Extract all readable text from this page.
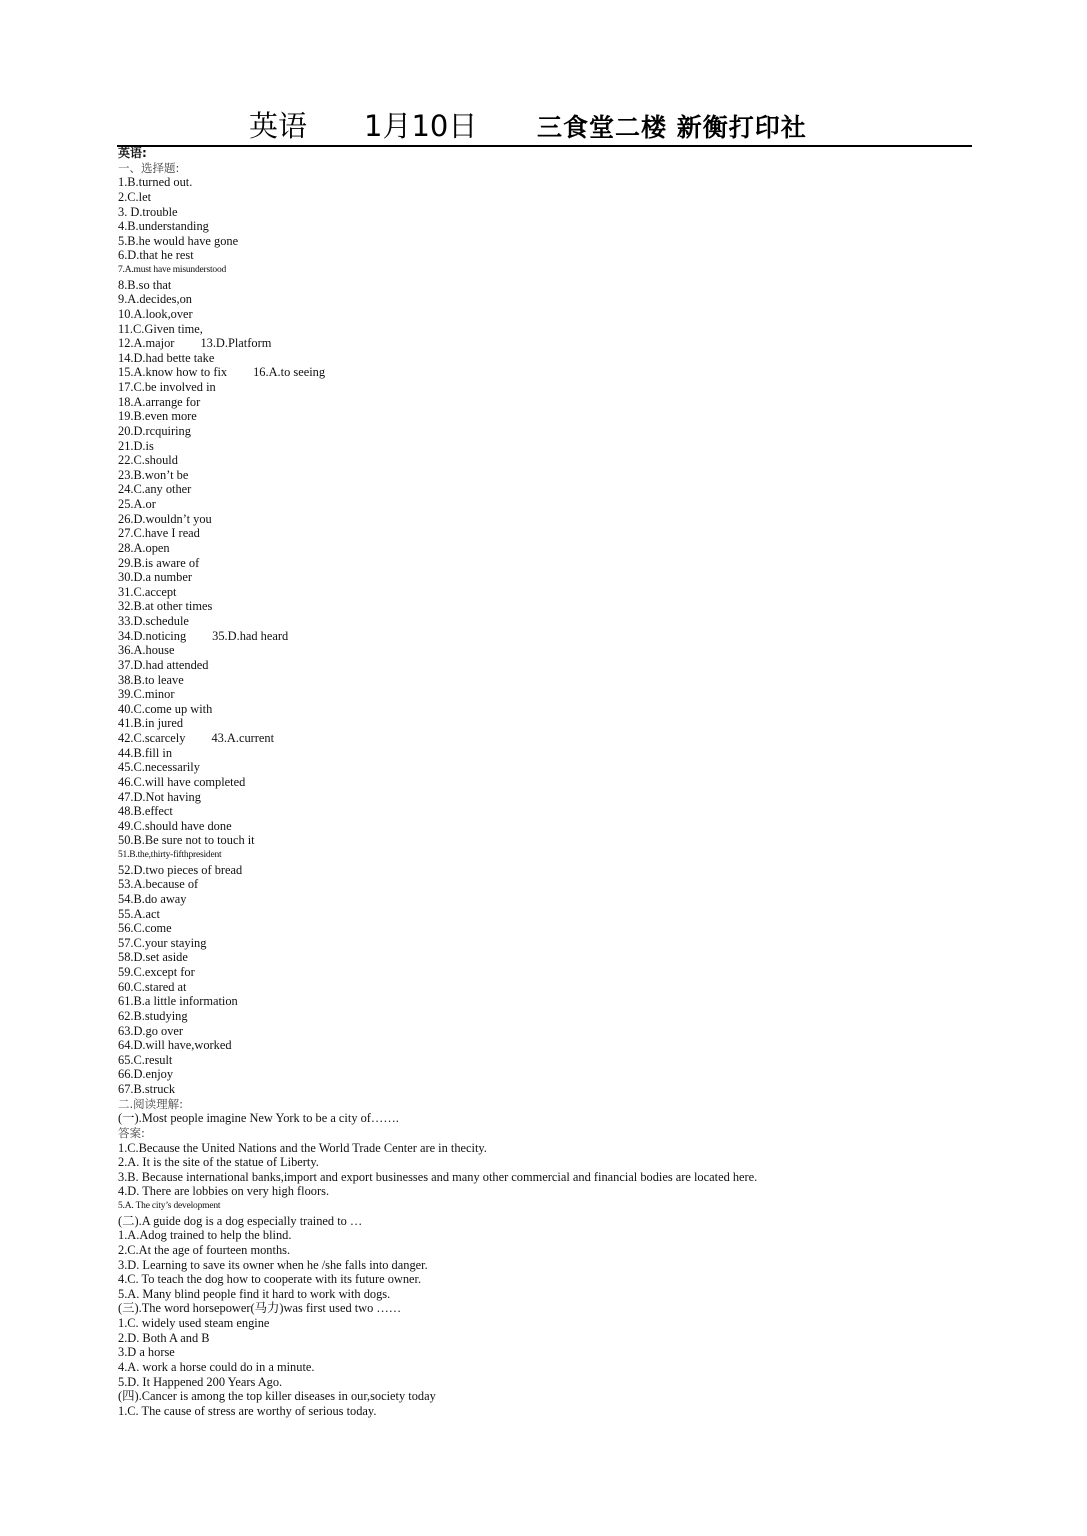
英语 1月10日 三食堂二楼 新衡打印社
英语:
一、选择题:
1.B.turned out.
2.C.let
3. D.trouble
4.B.understanding
5.B.he would have gone
6.D.that he rest
7.A.must have misunderstood
8.B.so that
9.A.decides,on
10.A.look,over
11.C.Given time,
12.A.major 13.D.Platform
14.D.had bette take
15.A.know how to fix 16.A.to seeing
17.C.be involved in
18.A.arrange for
19.B.even more
20.D.rcquiring
21.D.is
22.C.should
23.B.won’t be
24.C.any other
25.A.or
26.D.wouldn’t you
27.C.have I read
28.A.open
29.B.is aware of
30.D.a number
31.C.accept
32.B.at other times
33.D.schedule
34.D.noticing 35.D.had heard
36.A.house
37.D.had attended
38.B.to leave
39.C.minor
40.C.come up with
41.B.in jured
42.C.scarcely 43.A.current
44.B.fill in
45.C.necessarily
46.C.will have completed
47.D.Not having
48.B.effect
49.C.should have done
50.B.Be sure not to touch it
51.B.the,thirty-fifthpresident
52.D.two pieces of bread
53.A.because of
54.B.do away
55.A.act
56.C.come
57.C.your staying
58.D.set aside
59.C.except for
60.C.stared at
61.B.a little information
62.B.studying
63.D.go over
64.D.will have,worked
65.C.result
66.D.enjoy
67.B.struck
二.阅读理解:
(一).Most people imagine New York to be a city of…….
答案:
1.C.Because the United Nations and the World Trade Center are in thecity.
2.A. It is the site of the statue of Liberty.
3.B. Because international banks,import and export businesses and many other commercial and financial bodies are located here.
4.D. There are lobbies on very high floors.
5.A. The city’s development
(二).A guide dog is a dog especially trained to …
1.A.Adog trained to help the blind.
2.C.At the age of fourteen months.
3.D. Learning to save its owner when he /she falls into danger.
4.C. To teach the dog how to cooperate with its future owner.
5.A. Many blind people find it hard to work with dogs.
(三).The word horsepower(马力)was first used two ……
1.C. widely used steam engine
2.D. Both A and B
3.D a horse
4.A. work a horse could do in a minute.
5.D. It Happened 200 Years Ago.
(四).Cancer is among the top killer diseases in our,society today
1.C. The cause of stress are worthy of serious today.
